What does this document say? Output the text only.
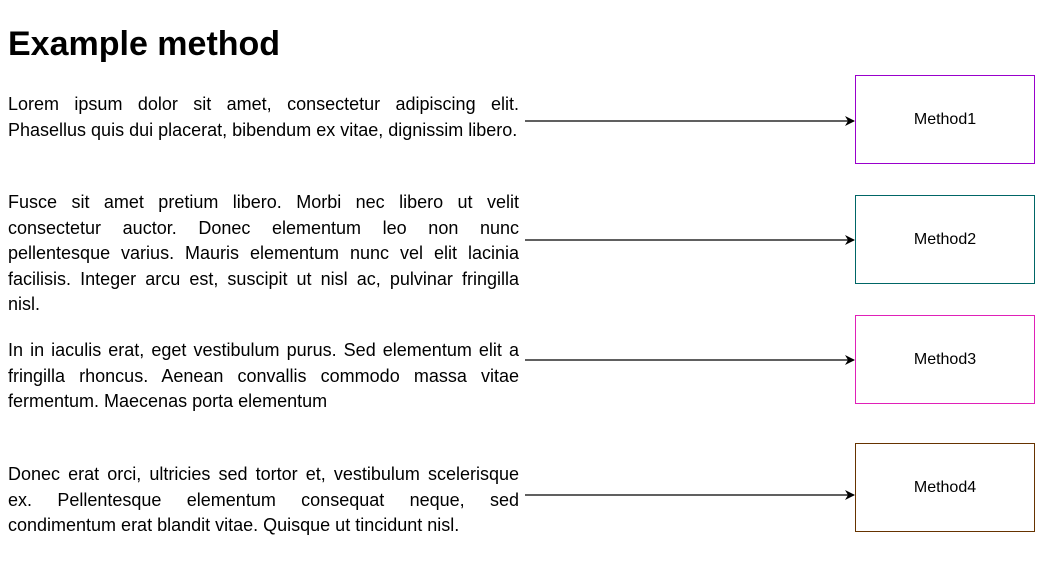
Example method

Lorem ipsum dolor sit amet, consectetur adipiscing elit. Phasellus quis dui placerat, bibendum ex vitae, dignissim libero.

Fusce sit amet pretium libero. Morbi nec libero ut velit consectetur auctor. Donec elementum leo non nunc pellentesque varius. Mauris elementum nunc vel elit lacinia facilisis. Integer arcu est, suscipit ut nisl ac, pulvinar fringilla nisl.

In in iaculis erat, eget vestibulum purus. Sed elementum elit a fringilla rhoncus. Aenean convallis commodo massa vitae fermentum. Maecenas porta elementum

Donec erat orci, ultricies sed tortor et, vestibulum scelerisque ex. Pellentesque elementum consequat neque, sed condimentum erat blandit vitae. Quisque ut tincidunt nisl.

Method1
Method2
Method3
Method4
